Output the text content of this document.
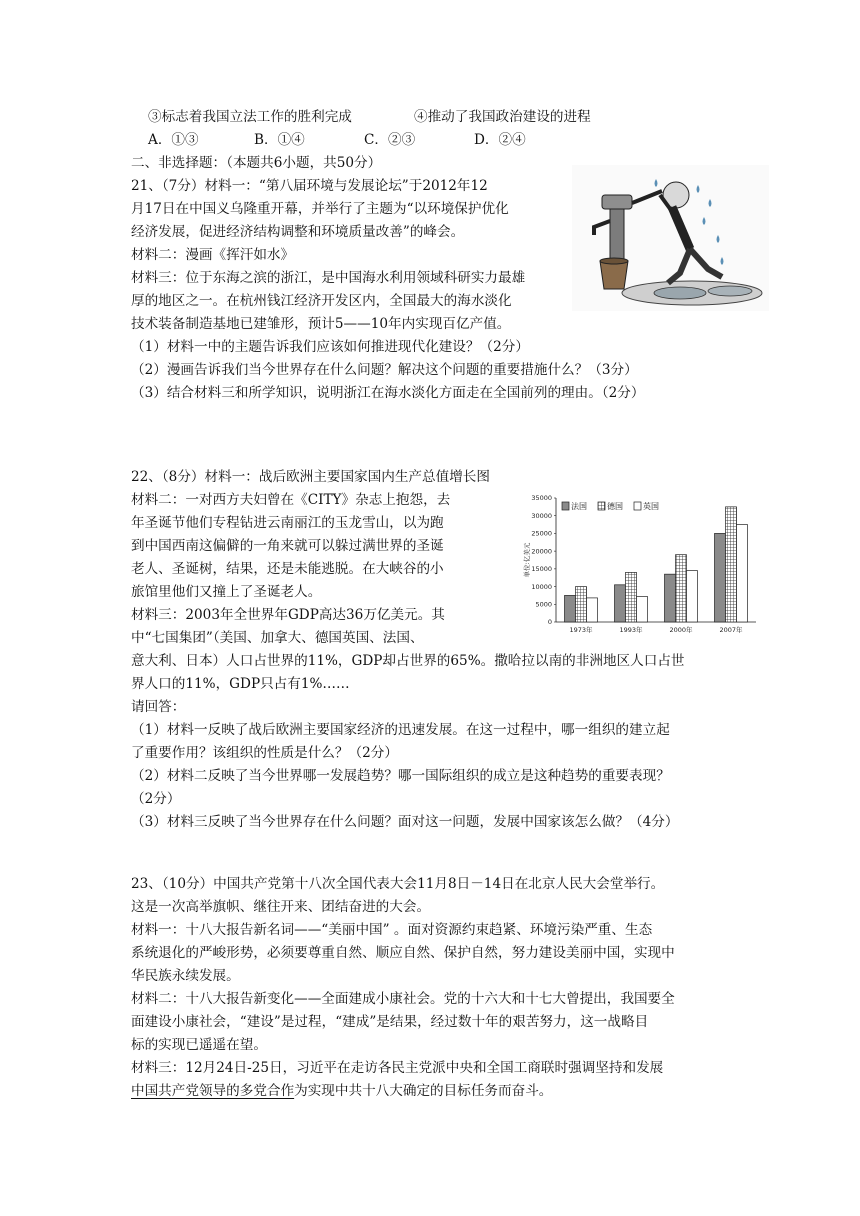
③标志着我国立法工作的胜利完成	④推动了我国政治建设的进程
A．①③	B．①④	C．②③	D．②④
二、非选择题：（本题共6小题，共50分）
21、（7分）材料一：“第八届环境与发展论坛”于2012年12
月17日在中国义乌隆重开幕，并举行了主题为“以环境保护优化
经济发展，促进经济结构调整和环境质量改善”的峰会。
材料二：漫画《挥汗如水》
材料三：位于东海之滨的浙江，是中国海水利用领域科研实力最雄
厚的地区之一。在杭州钱江经济开发区内，全国最大的海水淡化
技术装备制造基地已建雏形，预计5——10年内实现百亿产值。
（1）材料一中的主题告诉我们应该如何推进现代化建设？（2分）
（2）漫画告诉我们当今世界存在什么问题？解决这个问题的重要措施什么？（3分）
（3）结合材料三和所学知识，说明浙江在海水淡化方面走在全国前列的理由。（2分）
22、（8分）材料一：战后欧洲主要国家国内生产总值增长图
材料二：一对西方夫妇曾在《CITY》杂志上抱怨，去
年圣诞节他们专程钻进云南丽江的玉龙雪山，以为跑
到中国西南这偏僻的一角来就可以躲过满世界的圣诞
老人、圣诞树，结果，还是未能逃脱。在大峡谷的小
旅馆里他们又撞上了圣诞老人。
材料三：2003年全世界年GDP高达36万亿美元。其
中“七国集团”（美国、加拿大、德国英国、法国、
意大利、日本）人口占世界的11%，GDP却占世界的65%。撒哈拉以南的非洲地区人口占世
界人口的11%，GDP只占有1%……
请回答：
（1）材料一反映了战后欧洲主要国家经济的迅速发展。在这一过程中，哪一组织的建立起
了重要作用？该组织的性质是什么？（2分）
（2）材料二反映了当今世界哪一发展趋势？哪一国际组织的成立是这种趋势的重要表现？
（2分）
（3）材料三反映了当今世界存在什么问题？面对这一问题，发展中国家该怎么做？（4分）
0
5000
10000
15000
20000
25000
30000
35000
单位:亿美元
1973年	1993年	2000年	2007年
法国	德国	英国
23、（10分）中国共产党第十八次全国代表大会11月8日－14日在北京人民大会堂举行。
这是一次高举旗帜、继往开来、团结奋进的大会。
材料一：十八大报告新名词——“美丽中国” 。面对资源约束趋紧、环境污染严重、生态
系统退化的严峻形势，必须要尊重自然、顺应自然、保护自然，努力建设美丽中国，实现中
华民族永续发展。
材料二：十八大报告新变化——全面建成小康社会。党的十六大和十七大曾提出，我国要全
面建设小康社会，“建设”是过程，“建成”是结果，经过数十年的艰苦努力，这一战略目
标的实现已遥遥在望。
材料三：12月24日-25日，习近平在走访各民主党派中央和全国工商联时强调坚持和发展
中国共产党领导的多党合作为实现中共十八大确定的目标任务而奋斗。
